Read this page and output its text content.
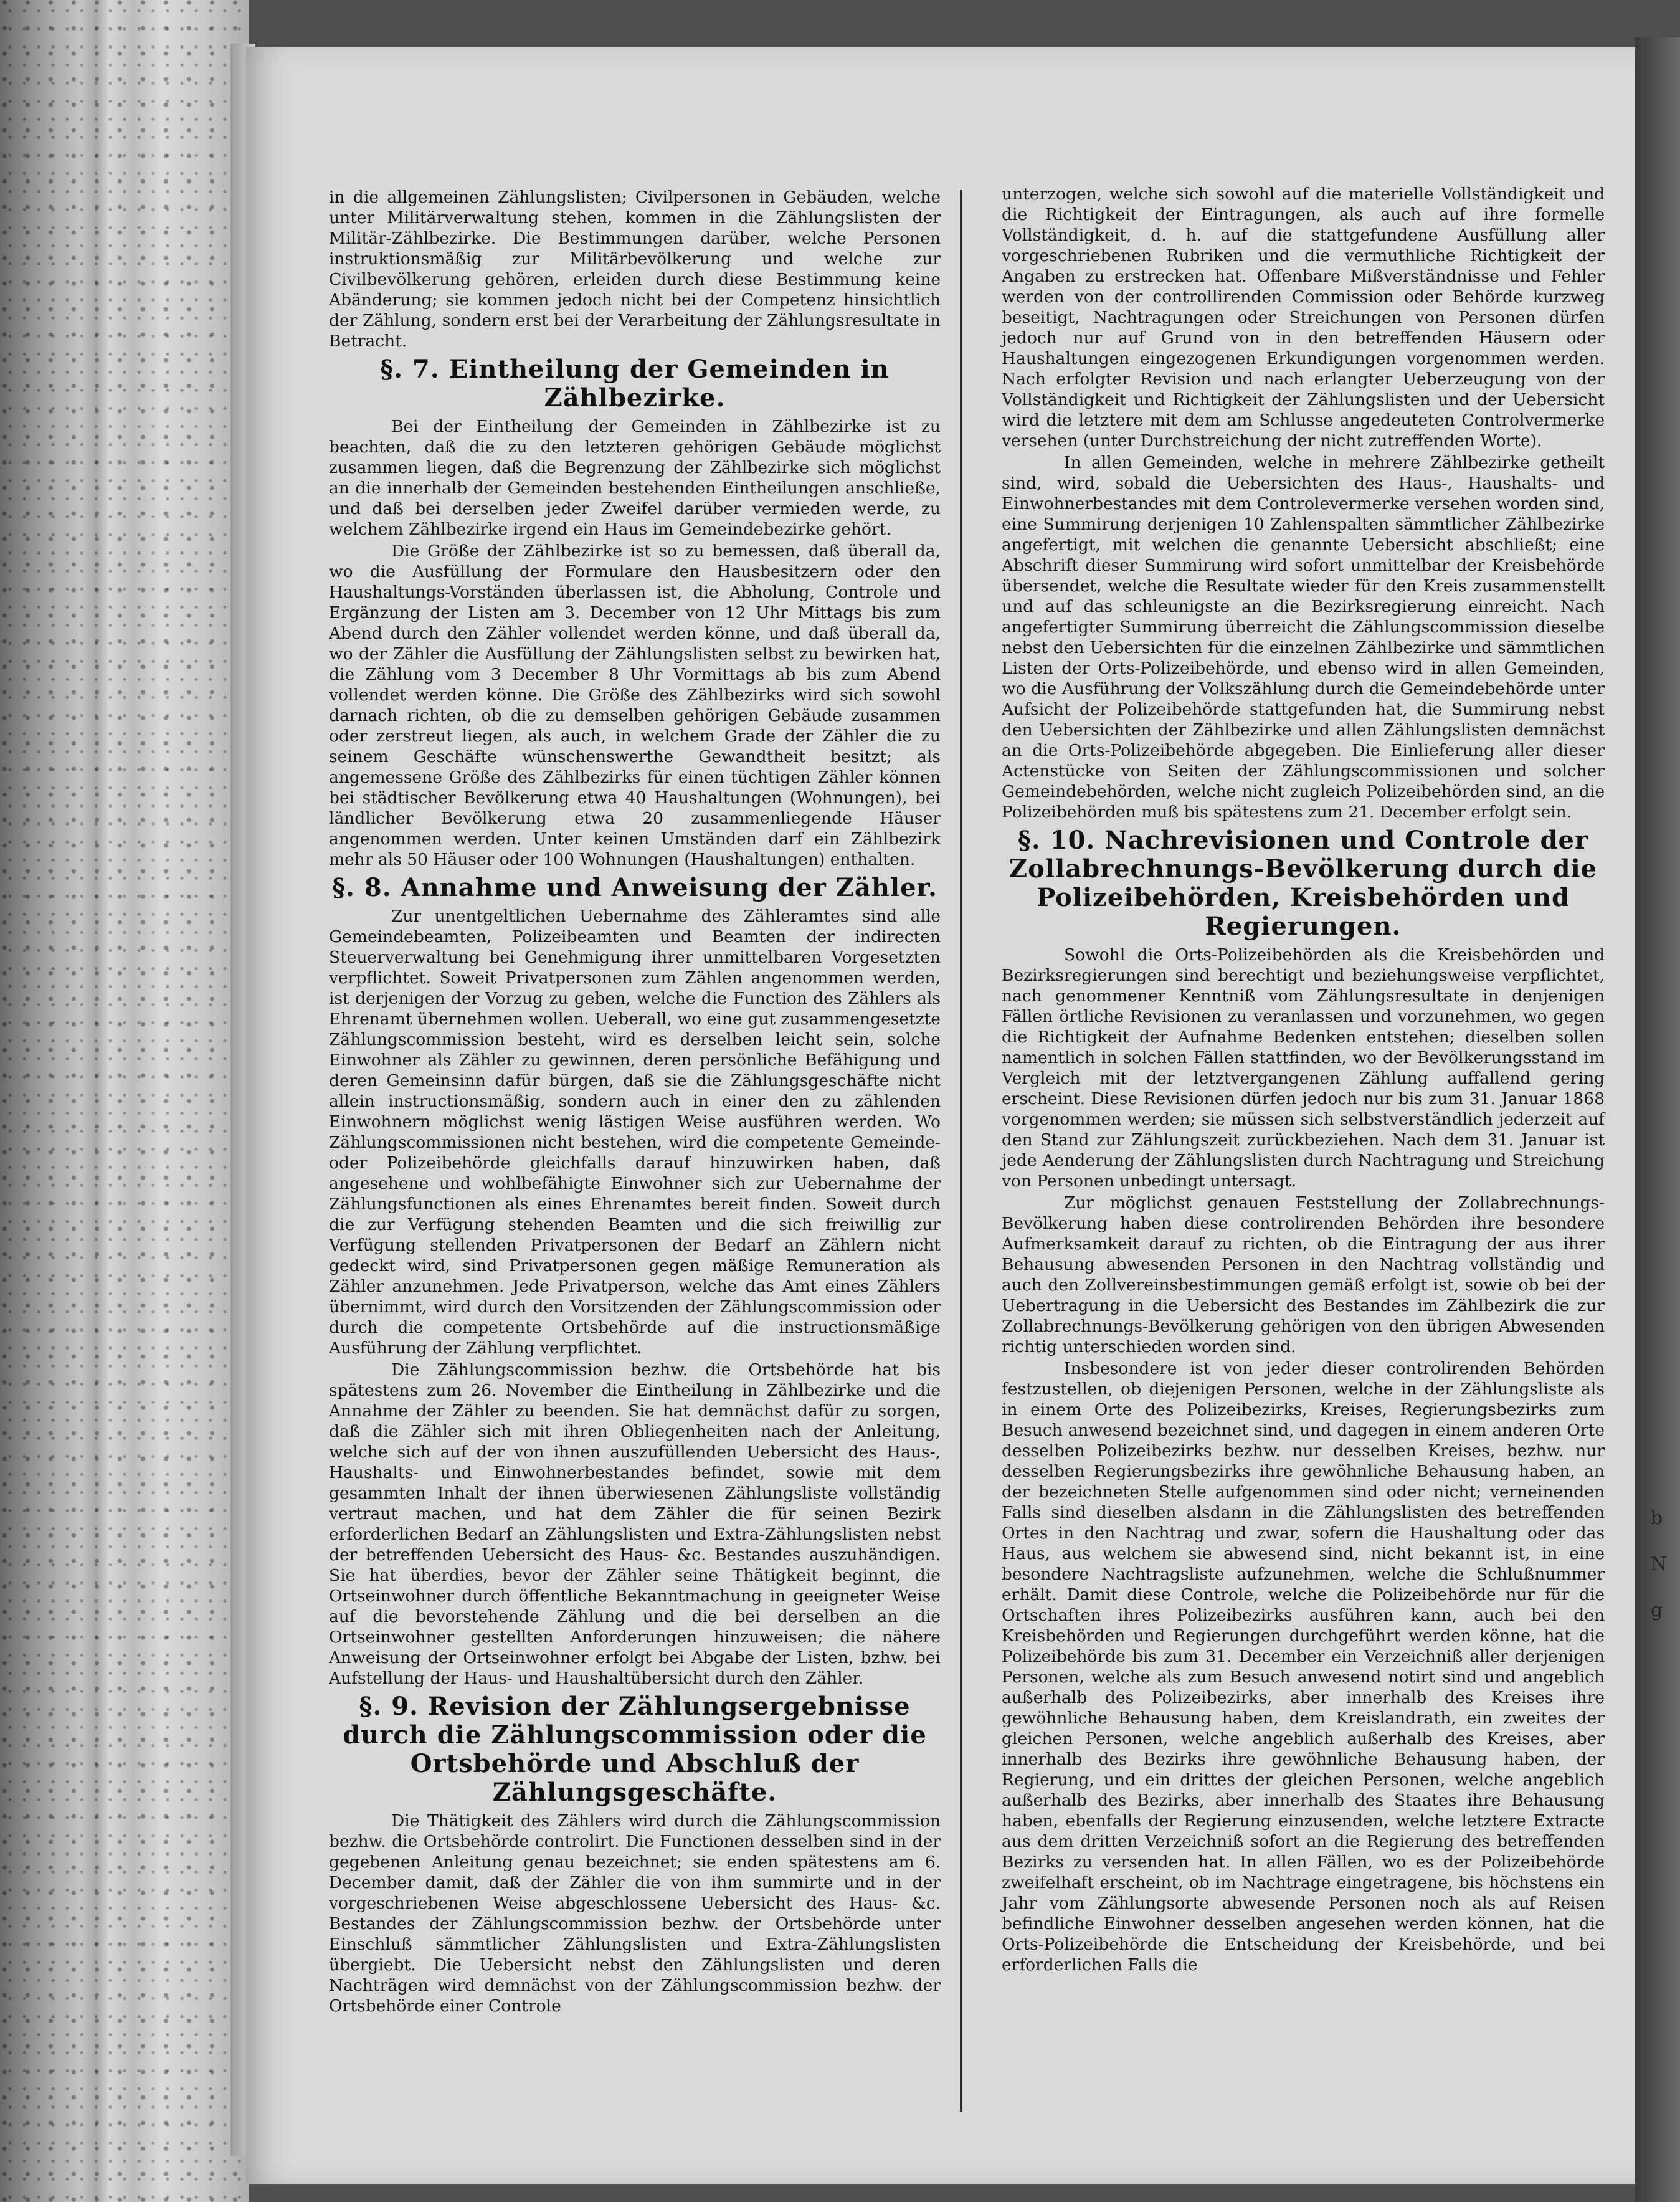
in die allgemeinen Zählungslisten; Civilpersonen in Gebäuden, welche unter Militärverwaltung stehen, kommen in die Zählungslisten der Militär-Zählbezirke. Die Bestimmungen darüber, welche Personen instruktionsmäßig zur Militärbevölkerung und welche zur Civilbevölkerung gehören, erleiden durch diese Bestimmung keine Abänderung; sie kommen jedoch nicht bei der Competenz hinsichtlich der Zählung, sondern erst bei der Verarbeitung der Zählungsresultate in Betracht.

§. 7. Eintheilung der Gemeinden in Zählbezirke.

Bei der Eintheilung der Gemeinden in Zählbezirke ist zu beachten, daß die zu den letzteren gehörigen Gebäude möglichst zusammen liegen, daß die Begrenzung der Zählbezirke sich möglichst an die innerhalb der Gemeinden bestehenden Eintheilungen anschließe, und daß bei derselben jeder Zweifel darüber vermieden werde, zu welchem Zählbezirke irgend ein Haus im Gemeindebezirke gehört.

Die Größe der Zählbezirke ist so zu bemessen, daß überall da, wo die Ausfüllung der Formulare den Hausbesitzern oder den Haushaltungs-Vorständen überlassen ist, die Abholung, Controle und Ergänzung der Listen am 3. December von 12 Uhr Mittags bis zum Abend durch den Zähler vollendet werden könne, und daß überall da, wo der Zähler die Ausfüllung der Zählungslisten selbst zu bewirken hat, die Zählung vom 3 December 8 Uhr Vormittags ab bis zum Abend vollendet werden könne. Die Größe des Zählbezirks wird sich sowohl darnach richten, ob die zu demselben gehörigen Gebäude zusammen oder zerstreut liegen, als auch, in welchem Grade der Zähler die zu seinem Geschäfte wünschenswerthe Gewandtheit besitzt; als angemessene Größe des Zählbezirks für einen tüchtigen Zähler können bei städtischer Bevölkerung etwa 40 Haushaltungen (Wohnungen), bei ländlicher Bevölkerung etwa 20 zusammenliegende Häuser angenommen werden. Unter keinen Umständen darf ein Zählbezirk mehr als 50 Häuser oder 100 Wohnungen (Haushaltungen) enthalten.

§. 8. Annahme und Anweisung der Zähler.

Zur unentgeltlichen Uebernahme des Zähleramtes sind alle Gemeindebeamten, Polizeibeamten und Beamten der indirecten Steuerverwaltung bei Genehmigung ihrer unmittelbaren Vorgesetzten verpflichtet. Soweit Privatpersonen zum Zählen angenommen werden, ist derjenigen der Vorzug zu geben, welche die Function des Zählers als Ehrenamt übernehmen wollen. Ueberall, wo eine gut zusammengesetzte Zählungscommission besteht, wird es derselben leicht sein, solche Einwohner als Zähler zu gewinnen, deren persönliche Befähigung und deren Gemeinsinn dafür bürgen, daß sie die Zählungsgeschäfte nicht allein instructionsmäßig, sondern auch in einer den zu zählenden Einwohnern möglichst wenig lästigen Weise ausführen werden. Wo Zählungscommissionen nicht bestehen, wird die competente Gemeinde- oder Polizeibehörde gleichfalls darauf hinzuwirken haben, daß angesehene und wohlbefähigte Einwohner sich zur Uebernahme der Zählungsfunctionen als eines Ehrenamtes bereit finden. Soweit durch die zur Verfügung stehenden Beamten und die sich freiwillig zur Verfügung stellenden Privatpersonen der Bedarf an Zählern nicht gedeckt wird, sind Privatpersonen gegen mäßige Remuneration als Zähler anzunehmen. Jede Privatperson, welche das Amt eines Zählers übernimmt, wird durch den Vorsitzenden der Zählungscommission oder durch die competente Ortsbehörde auf die instructionsmäßige Ausführung der Zählung verpflichtet.

Die Zählungscommission bezhw. die Ortsbehörde hat bis spätestens zum 26. November die Eintheilung in Zählbezirke und die Annahme der Zähler zu beenden. Sie hat demnächst dafür zu sorgen, daß die Zähler sich mit ihren Obliegenheiten nach der Anleitung, welche sich auf der von ihnen auszufüllenden Uebersicht des Haus-, Haushalts- und Einwohnerbestandes befindet, sowie mit dem gesammten Inhalt der ihnen überwiesenen Zählungsliste vollständig vertraut machen, und hat dem Zähler die für seinen Bezirk erforderlichen Bedarf an Zählungslisten und Extra-Zählungslisten nebst der betreffenden Uebersicht des Haus- &c. Bestandes auszuhändigen. Sie hat überdies, bevor der Zähler seine Thätigkeit beginnt, die Ortseinwohner durch öffentliche Bekanntmachung in geeigneter Weise auf die bevorstehende Zählung und die bei derselben an die Ortseinwohner gestellten Anforderungen hinzuweisen; die nähere Anweisung der Ortseinwohner erfolgt bei Abgabe der Listen, bzhw. bei Aufstellung der Haus- und Haushaltübersicht durch den Zähler.

§. 9. Revision der Zählungsergebnisse durch die Zählungscommission oder die Ortsbehörde und Abschluß der Zählungsgeschäfte.

Die Thätigkeit des Zählers wird durch die Zählungscommission bezhw. die Ortsbehörde controlirt. Die Functionen desselben sind in der gegebenen Anleitung genau bezeichnet; sie enden spätestens am 6. December damit, daß der Zähler die von ihm summirte und in der vorgeschriebenen Weise abgeschlossene Uebersicht des Haus- &c. Bestandes der Zählungscommission bezhw. der Ortsbehörde unter Einschluß sämmtlicher Zählungslisten und Extra-Zählungslisten übergiebt. Die Uebersicht nebst den Zählungslisten und deren Nachträgen wird demnächst von der Zählungscommission bezhw. der Ortsbehörde einer Controle

unterzogen, welche sich sowohl auf die materielle Vollständigkeit und die Richtigkeit der Eintragungen, als auch auf ihre formelle Vollständigkeit, d. h. auf die stattgefundene Ausfüllung aller vorgeschriebenen Rubriken und die vermuthliche Richtigkeit der Angaben zu erstrecken hat. Offenbare Mißverständnisse und Fehler werden von der controllirenden Commission oder Behörde kurzweg beseitigt, Nachtragungen oder Streichungen von Personen dürfen jedoch nur auf Grund von in den betreffenden Häusern oder Haushaltungen eingezogenen Erkundigungen vorgenommen werden. Nach erfolgter Revision und nach erlangter Ueberzeugung von der Vollständigkeit und Richtigkeit der Zählungslisten und der Uebersicht wird die letztere mit dem am Schlusse angedeuteten Controlvermerke versehen (unter Durchstreichung der nicht zutreffenden Worte).

In allen Gemeinden, welche in mehrere Zählbezirke getheilt sind, wird, sobald die Uebersichten des Haus-, Haushalts- und Einwohnerbestandes mit dem Controlevermerke versehen worden sind, eine Summirung derjenigen 10 Zahlenspalten sämmtlicher Zählbezirke angefertigt, mit welchen die genannte Uebersicht abschließt; eine Abschrift dieser Summirung wird sofort unmittelbar der Kreisbehörde übersendet, welche die Resultate wieder für den Kreis zusammenstellt und auf das schleunigste an die Bezirksregierung einreicht. Nach angefertigter Summirung überreicht die Zählungscommission dieselbe nebst den Uebersichten für die einzelnen Zählbezirke und sämmtlichen Listen der Orts-Polizeibehörde, und ebenso wird in allen Gemeinden, wo die Ausführung der Volkszählung durch die Gemeindebehörde unter Aufsicht der Polizeibehörde stattgefunden hat, die Summirung nebst den Uebersichten der Zählbezirke und allen Zählungslisten demnächst an die Orts-Polizeibehörde abgegeben. Die Einlieferung aller dieser Actenstücke von Seiten der Zählungscommissionen und solcher Gemeindebehörden, welche nicht zugleich Polizeibehörden sind, an die Polizeibehörden muß bis spätestens zum 21. December erfolgt sein.

§. 10. Nachrevisionen und Controle der Zollabrechnungs-Bevölkerung durch die Polizeibehörden, Kreisbehörden und Regierungen.

Sowohl die Orts-Polizeibehörden als die Kreisbehörden und Bezirksregierungen sind berechtigt und beziehungsweise verpflichtet, nach genommener Kenntniß vom Zählungsresultate in denjenigen Fällen örtliche Revisionen zu veranlassen und vorzunehmen, wo gegen die Richtigkeit der Aufnahme Bedenken entstehen; dieselben sollen namentlich in solchen Fällen stattfinden, wo der Bevölkerungsstand im Vergleich mit der letztvergangenen Zählung auffallend gering erscheint. Diese Revisionen dürfen jedoch nur bis zum 31. Januar 1868 vorgenommen werden; sie müssen sich selbstverständlich jederzeit auf den Stand zur Zählungszeit zurückbeziehen. Nach dem 31. Januar ist jede Aenderung der Zählungslisten durch Nachtragung und Streichung von Personen unbedingt untersagt.

Zur möglichst genauen Feststellung der Zollabrechnungs-Bevölkerung haben diese controlirenden Behörden ihre besondere Aufmerksamkeit darauf zu richten, ob die Eintragung der aus ihrer Behausung abwesenden Personen in den Nachtrag vollständig und auch den Zollvereinsbestimmungen gemäß erfolgt ist, sowie ob bei der Uebertragung in die Uebersicht des Bestandes im Zählbezirk die zur Zollabrechnungs-Bevölkerung gehörigen von den übrigen Abwesenden richtig unterschieden worden sind.

Insbesondere ist von jeder dieser controlirenden Behörden festzustellen, ob diejenigen Personen, welche in der Zählungsliste als in einem Orte des Polizeibezirks, Kreises, Regierungsbezirks zum Besuch anwesend bezeichnet sind, und dagegen in einem anderen Orte desselben Polizeibezirks bezhw. nur desselben Kreises, bezhw. nur desselben Regierungsbezirks ihre gewöhnliche Behausung haben, an der bezeichneten Stelle aufgenommen sind oder nicht; verneinenden Falls sind dieselben alsdann in die Zählungslisten des betreffenden Ortes in den Nachtrag und zwar, sofern die Haushaltung oder das Haus, aus welchem sie abwesend sind, nicht bekannt ist, in eine besondere Nachtragsliste aufzunehmen, welche die Schlußnummer erhält. Damit diese Controle, welche die Polizeibehörde nur für die Ortschaften ihres Polizeibezirks ausführen kann, auch bei den Kreisbehörden und Regierungen durchgeführt werden könne, hat die Polizeibehörde bis zum 31. December ein Verzeichniß aller derjenigen Personen, welche als zum Besuch anwesend notirt sind und angeblich außerhalb des Polizeibezirks, aber innerhalb des Kreises ihre gewöhnliche Behausung haben, dem Kreislandrath, ein zweites der gleichen Personen, welche angeblich außerhalb des Kreises, aber innerhalb des Bezirks ihre gewöhnliche Behausung haben, der Regierung, und ein drittes der gleichen Personen, welche angeblich außerhalb des Bezirks, aber innerhalb des Staates ihre Behausung haben, ebenfalls der Regierung einzusenden, welche letztere Extracte aus dem dritten Verzeichniß sofort an die Regierung des betreffenden Bezirks zu versenden hat. In allen Fällen, wo es der Polizeibehörde zweifelhaft erscheint, ob im Nachtrage eingetragene, bis höchstens ein Jahr vom Zählungsorte abwesende Personen noch als auf Reisen befindliche Einwohner desselben angesehen werden können, hat die Orts-Polizeibehörde die Entscheidung der Kreisbehörde, und bei erforderlichen Falls die

b
N
g
